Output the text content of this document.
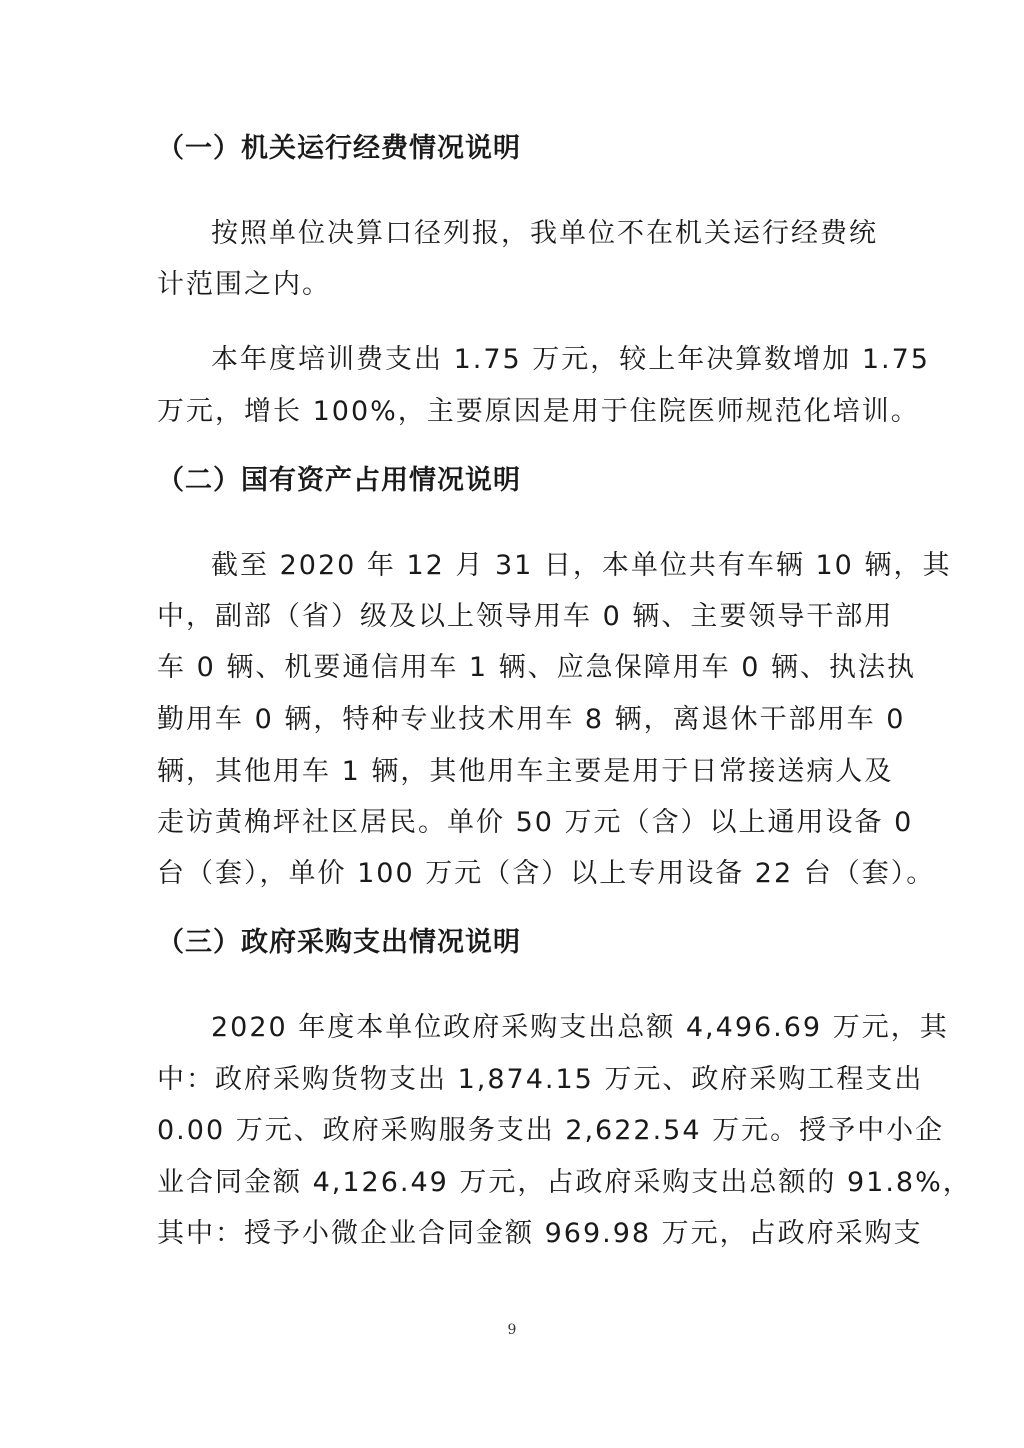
（一）机关运行经费情况说明

按照单位决算口径列报，我单位不在机关运行经费统

计范围之内。

本年度培训费支出 1.75 万元，较上年决算数增加 1.75

万元，增长 100%，主要原因是用于住院医师规范化培训。

（二）国有资产占用情况说明

截至 2020 年 12 月 31 日，本单位共有车辆 10 辆，其

中，副部（省）级及以上领导用车 0 辆、主要领导干部用

车 0 辆、机要通信用车 1 辆、应急保障用车 0 辆、执法执

勤用车 0 辆，特种专业技术用车 8 辆，离退休干部用车 0

辆，其他用车 1 辆，其他用车主要是用于日常接送病人及

走访黄桷坪社区居民。单价 50 万元（含）以上通用设备 0

台（套），单价 100 万元（含）以上专用设备 22 台（套）。

（三）政府采购支出情况说明

2020 年度本单位政府采购支出总额 4,496.69 万元，其

中：政府采购货物支出 1,874.15 万元、政府采购工程支出

0.00 万元、政府采购服务支出 2,622.54 万元。授予中小企

业合同金额 4,126.49 万元，占政府采购支出总额的 91.8%，

其中：授予小微企业合同金额 969.98 万元，占政府采购支

9
